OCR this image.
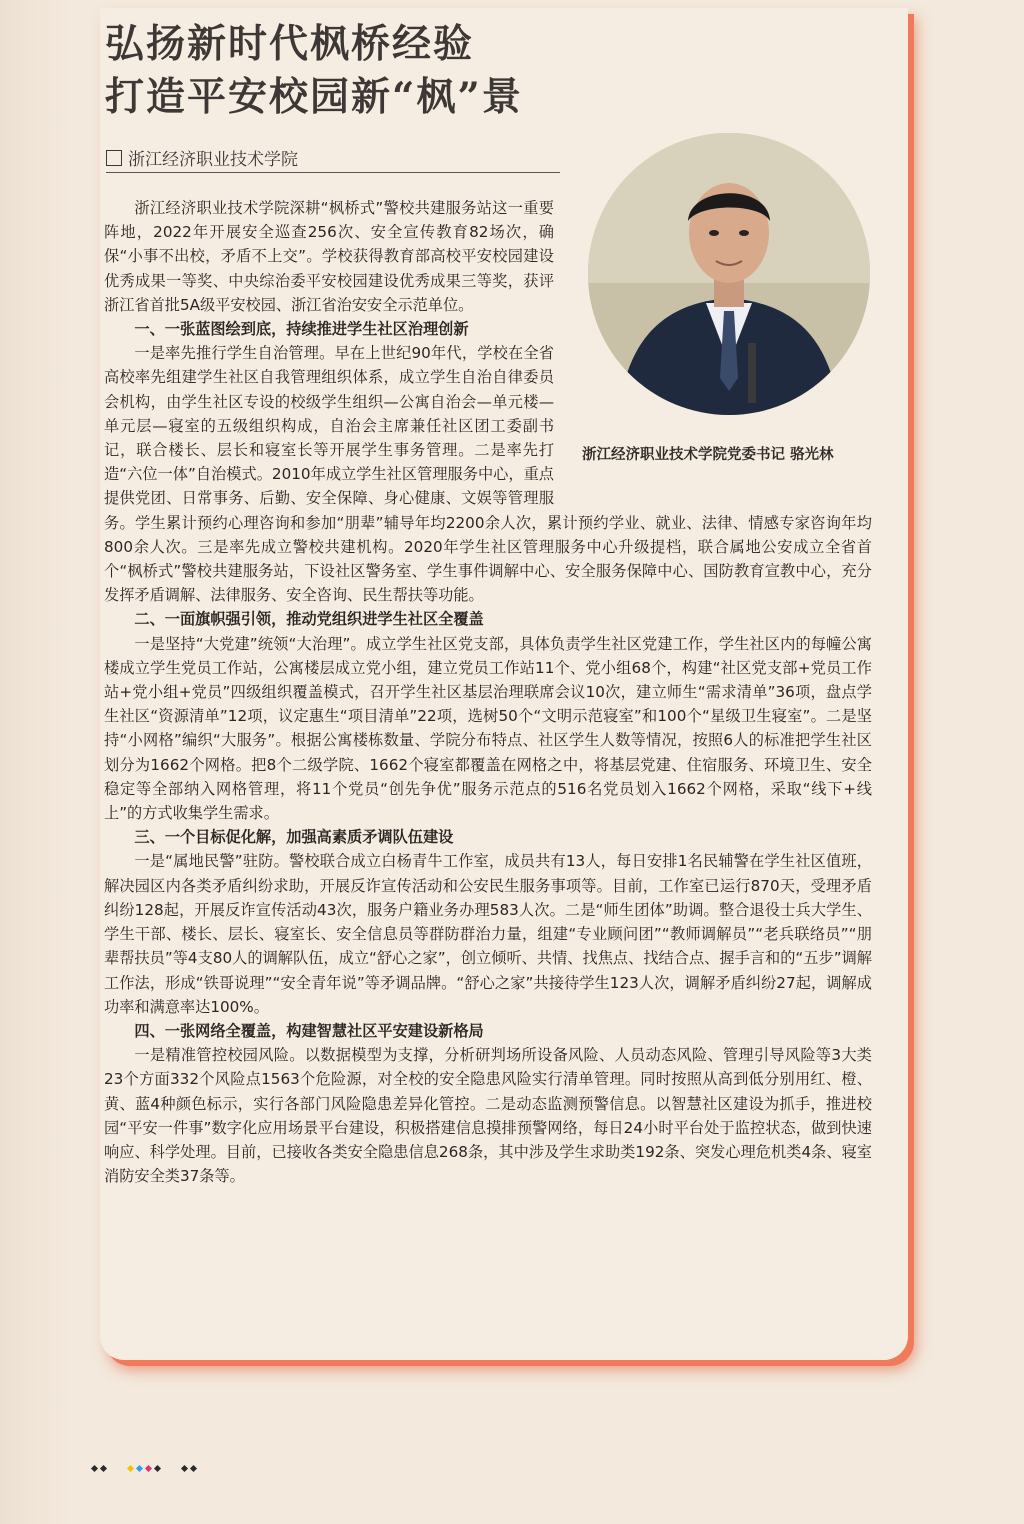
弘扬新时代枫桥经验
打造平安校园新“枫”景
浙江经济职业技术学院
浙江经济职业技术学院党委书记 骆光林

浙江经济职业技术学院深耕“枫桥式”警校共建服务站这一重要阵地，2022年开展安全巡查256次、安全宣传教育82场次，确保“小事不出校，矛盾不上交”。学校获得教育部高校平安校园建设优秀成果一等奖、中央综治委平安校园建设优秀成果三等奖，获评浙江省首批5A级平安校园、浙江省治安安全示范单位。

一、一张蓝图绘到底，持续推进学生社区治理创新

一是率先推行学生自治管理。早在上世纪90年代，学校在全省高校率先组建学生社区自我管理组织体系，成立学生自治自律委员会机构，由学生社区专设的校级学生组织—公寓自治会—单元楼—单元层—寝室的五级组织构成，自治会主席兼任社区团工委副书记，联合楼长、层长和寝室长等开展学生事务管理。二是率先打造“六位一体”自治模式。2010年成立学生社区管理服务中心，重点提供党团、日常事务、后勤、安全保障、身心健康、文娱等管理服务。学生累计预约心理咨询和参加“朋辈”辅导年均2200余人次，累计预约学业、就业、法律、情感专家咨询年均800余人次。三是率先成立警校共建机构。2020年学生社区管理服务中心升级提档，联合属地公安成立全省首个“枫桥式”警校共建服务站，下设社区警务室、学生事件调解中心、安全服务保障中心、国防教育宣教中心，充分发挥矛盾调解、法律服务、安全咨询、民生帮扶等功能。

二、一面旗帜强引领，推动党组织进学生社区全覆盖

一是坚持“大党建”统领“大治理”。成立学生社区党支部，具体负责学生社区党建工作，学生社区内的每幢公寓楼成立学生党员工作站，公寓楼层成立党小组，建立党员工作站11个、党小组68个，构建“社区党支部+党员工作站+党小组+党员”四级组织覆盖模式，召开学生社区基层治理联席会议10次，建立师生“需求清单”36项，盘点学生社区“资源清单”12项，议定惠生“项目清单”22项，选树50个“文明示范寝室”和100个“星级卫生寝室”。二是坚持“小网格”编织“大服务”。根据公寓楼栋数量、学院分布特点、社区学生人数等情况，按照6人的标准把学生社区划分为1662个网格。把8个二级学院、1662个寝室都覆盖在网格之中，将基层党建、住宿服务、环境卫生、安全稳定等全部纳入网格管理，将11个党员“创先争优”服务示范点的516名党员划入1662个网格，采取“线下+线上”的方式收集学生需求。

三、一个目标促化解，加强高素质矛调队伍建设

一是“属地民警”驻防。警校联合成立白杨青牛工作室，成员共有13人，每日安排1名民辅警在学生社区值班，解决园区内各类矛盾纠纷求助，开展反诈宣传活动和公安民生服务事项等。目前，工作室已运行870天，受理矛盾纠纷128起，开展反诈宣传活动43次，服务户籍业务办理583人次。二是“师生团体”助调。整合退役士兵大学生、学生干部、楼长、层长、寝室长、安全信息员等群防群治力量，组建“专业顾问团”“教师调解员”“老兵联络员”“朋辈帮扶员”等4支80人的调解队伍，成立“舒心之家”，创立倾听、共情、找焦点、找结合点、握手言和的“五步”调解工作法，形成“铁哥说理”“安全青年说”等矛调品牌。“舒心之家”共接待学生123人次，调解矛盾纠纷27起，调解成功率和满意率达100%。

四、一张网络全覆盖，构建智慧社区平安建设新格局

一是精准管控校园风险。以数据模型为支撑，分析研判场所设备风险、人员动态风险、管理引导风险等3大类23个方面332个风险点1563个危险源，对全校的安全隐患风险实行清单管理。同时按照从高到低分别用红、橙、黄、蓝4种颜色标示，实行各部门风险隐患差异化管控。二是动态监测预警信息。以智慧社区建设为抓手，推进校园“平安一件事”数字化应用场景平台建设，积极搭建信息摸排预警网络，每日24小时平台处于监控状态，做到快速响应、科学处理。目前，已接收各类安全隐患信息268条，其中涉及学生求助类192条、突发心理危机类4条、寝室消防安全类37条等。
